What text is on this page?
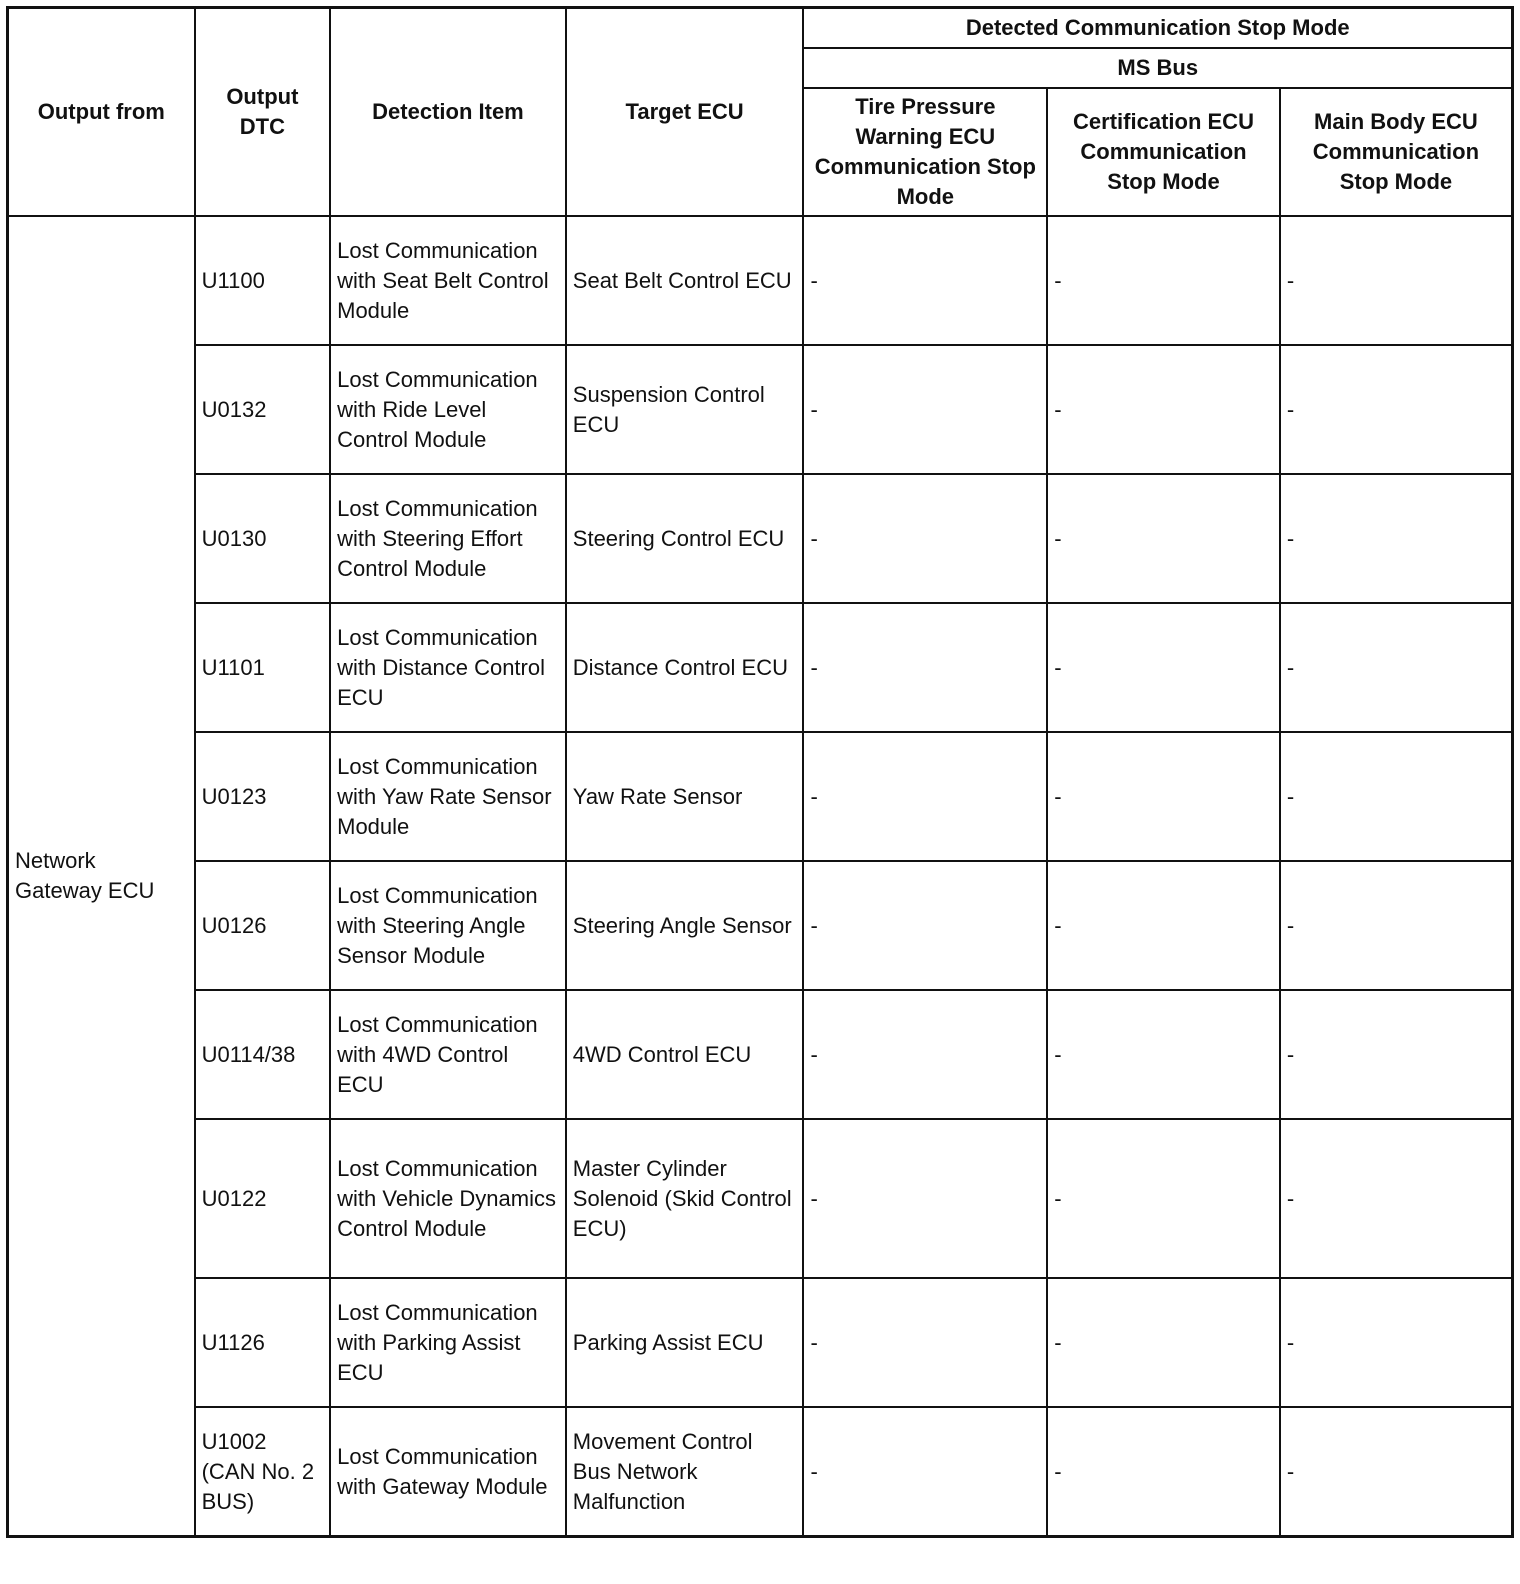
Output from	Output DTC	Detection Item	Target ECU	Detected Communication Stop Mode		
				MS Bus		
				Tire Pressure Warning ECU Communication Stop Mode	Certification ECU Communication Stop Mode	Main Body ECU Communication Stop Mode
Network Gateway ECU	U1100	Lost Communication with Seat Belt Control Module	Seat Belt Control ECU	-	-	-
	U0132	Lost Communication with Ride Level Control Module	Suspension Control ECU	-	-	-
	U0130	Lost Communication with Steering Effort Control Module	Steering Control ECU	-	-	-
	U1101	Lost Communication with Distance Control ECU	Distance Control ECU	-	-	-
	U0123	Lost Communication with Yaw Rate Sensor Module	Yaw Rate Sensor	-	-	-
	U0126	Lost Communication with Steering Angle Sensor Module	Steering Angle Sensor	-	-	-
	U0114/38	Lost Communication with 4WD Control ECU	4WD Control ECU	-	-	-
	U0122	Lost Communication with Vehicle Dynamics Control Module	Master Cylinder Solenoid (Skid Control ECU)	-	-	-
	U1126	Lost Communication with Parking Assist ECU	Parking Assist ECU	-	-	-
	U1002 (CAN No. 2 BUS)	Lost Communication with Gateway Module	Movement Control Bus Network Malfunction	-	-	-
